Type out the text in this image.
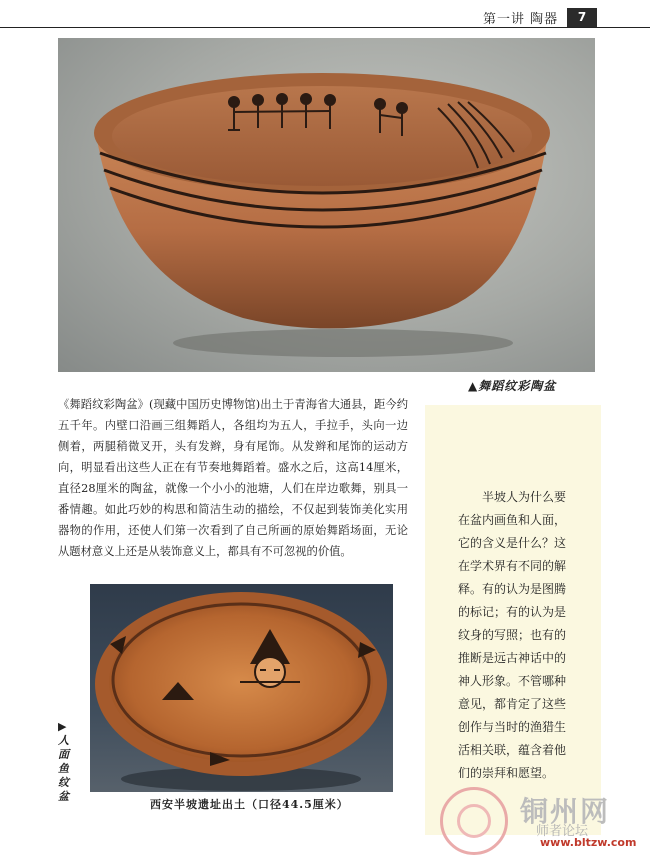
第一讲 陶器	7
▲舞蹈纹彩陶盆

《舞蹈纹彩陶盆》(现藏中国历史博物馆)出土于青海省大通县，距今约五千年。内壁口沿画三组舞蹈人，各组均为五人，手拉手，头向一边侧着，两腿稍微叉开，头有发辫，身有尾饰。从发辫和尾饰的运动方向，明显看出这些人正在有节奏地舞蹈着。盛水之后，这高14厘米，直径28厘米的陶盆，就像一个小小的池塘，人们在岸边歌舞，别具一番情趣。如此巧妙的构思和简洁生动的描绘，不仅起到装饰美化实用器物的作用，还使人们第一次看到了自己所画的原始舞蹈场面，无论从题材意义上还是从装饰意义上，都具有不可忽视的价值。

半坡人为什么要在盆内画鱼和人面，它的含义是什么？这在学术界有不同的解释。有的认为是图腾的标记；有的认为是纹身的写照；也有的推断是远古神话中的神人形象。不管哪种意见，都肯定了这些创作与当时的渔猎生活相关联，蕴含着他们的崇拜和愿望。

▶人面鱼纹盆
西安半坡遗址出土（口径44.5厘米）	铜州网
师者论坛
www.bltzw.com
